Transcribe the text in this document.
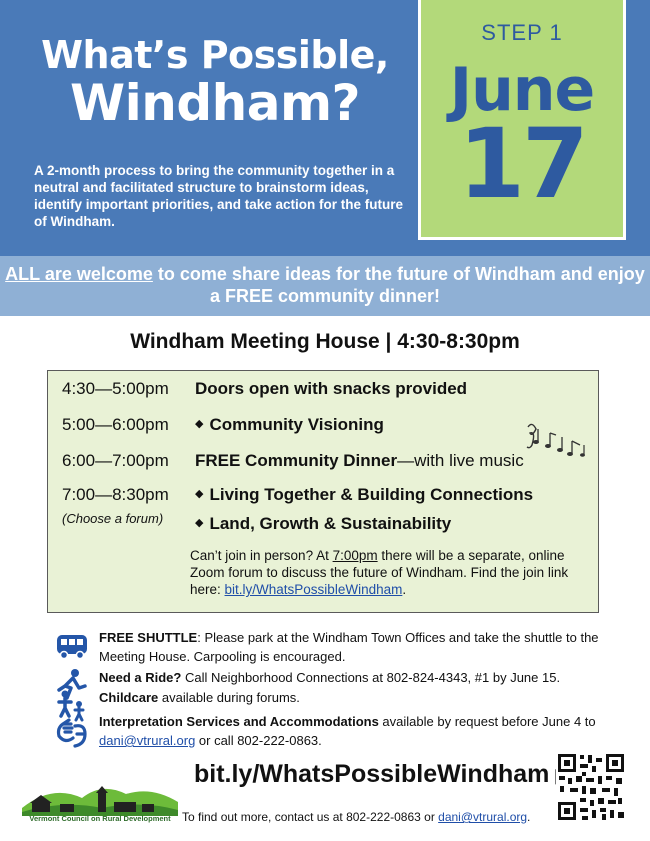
What’s Possible,
Windham?
A 2-month process to bring the community together in a neutral and facilitated structure to brainstorm ideas, identify important priorities, and take action for the future of Windham.
STEP 1
June
17
ALL are welcome to come share ideas for the future of Windham and enjoy a FREE community dinner!
Windham Meeting House | 4:30-8:30pm
4:30—5:00pm Doors open with snacks provided
5:00—6:00pm ◆ Community Visioning
6:00—7:00pm FREE Community Dinner—with live music
7:00—8:30pm ◆ Living Together & Building Connections
◆ Land, Growth & Sustainability
(Choose a forum)
Can’t join in person? At 7:00pm there will be a separate, online Zoom forum to discuss the future of Windham. Find the join link here: bit.ly/WhatsPossibleWindham.
FREE SHUTTLE: Please park at the Windham Town Offices and take the shuttle to the Meeting House. Carpooling is encouraged.
Need a Ride? Call Neighborhood Connections at 802-824-4343, #1 by June 15.
Childcare available during forums.
Interpretation Services and Accommodations available by request before June 4 to dani@vtrural.org or call 802-222-0863.
bit.ly/WhatsPossibleWindham
Vermont Council on Rural Development To find out more, contact us at 802-222-0863 or dani@vtrural.org.
